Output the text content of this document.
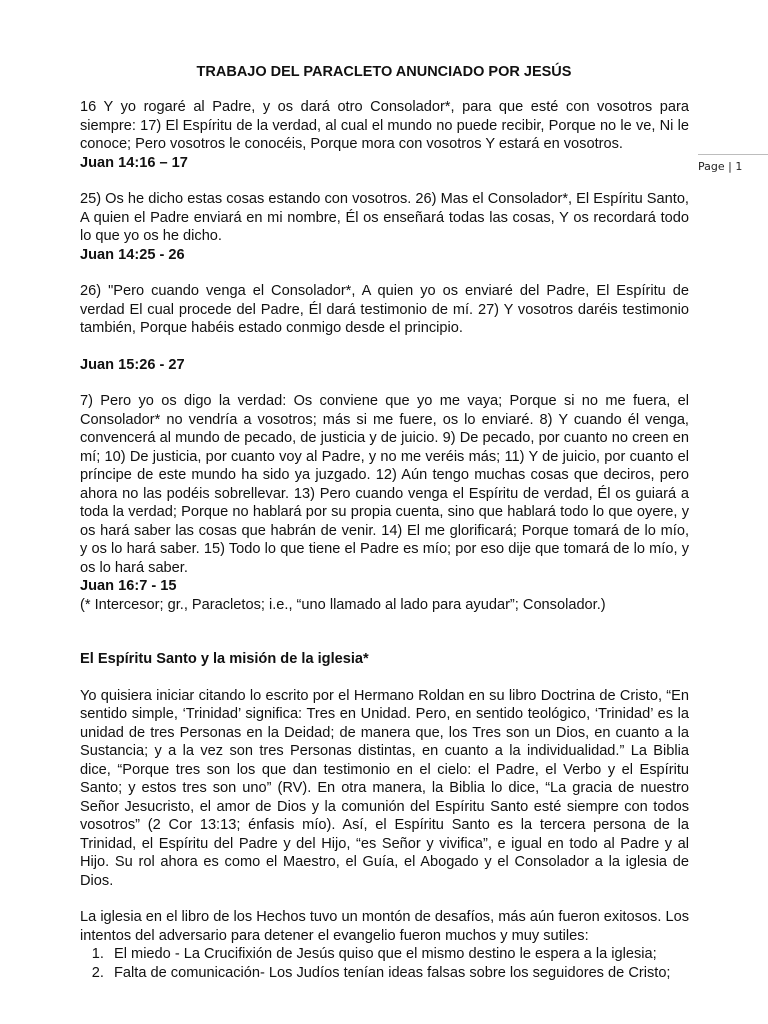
TRABAJO DEL PARACLETO ANUNCIADO POR JESÚS
Page | 1

16 Y yo rogaré al Padre, y os dará otro Consolador*, para que esté con vosotros para siempre: 17) El Espíritu de la verdad, al cual el mundo no puede recibir, Porque no le ve, Ni le conoce; Pero vosotros le conocéis, Porque mora con vosotros Y estará en vosotros.

Juan 14:16 – 17

25) Os he dicho estas cosas estando con vosotros. 26) Mas el Consolador*, El Espíritu Santo, A quien el Padre enviará en mi nombre, Él os enseñará todas las cosas, Y os recordará todo lo que yo os he dicho.

Juan 14:25 - 26

26) "Pero cuando venga el Consolador*, A quien yo os enviaré del Padre, El Espíritu de verdad El cual procede del Padre, Él dará testimonio de mí. 27) Y vosotros daréis testimonio también, Porque habéis estado conmigo desde el principio.

Juan 15:26 - 27

7) Pero yo os digo la verdad: Os conviene que yo me vaya; Porque si no me fuera, el Consolador* no vendría a vosotros; más si me fuere, os lo enviaré. 8) Y cuando él venga, convencerá al mundo de pecado, de justicia y de juicio. 9) De pecado, por cuanto no creen en mí; 10) De justicia, por cuanto voy al Padre, y no me veréis más; 11) Y de juicio, por cuanto el príncipe de este mundo ha sido ya juzgado. 12) Aún tengo muchas cosas que deciros, pero ahora no las podéis sobrellevar. 13) Pero cuando venga el Espíritu de verdad, Él os guiará a toda la verdad; Porque no hablará por su propia cuenta, sino que hablará todo lo que oyere, y os hará saber las cosas que habrán de venir. 14) El me glorificará; Porque tomará de lo mío, y os lo hará saber. 15) Todo lo que tiene el Padre es mío; por eso dije que tomará de lo mío, y os lo hará saber.

Juan 16:7 - 15

(* Intercesor; gr., Paracletos; i.e., “uno llamado al lado para ayudar”; Consolador.)

El Espíritu Santo y la misión de la iglesia*

Yo quisiera iniciar citando lo escrito por el Hermano Roldan en su libro Doctrina de Cristo, “En sentido simple, ‘Trinidad’ significa: Tres en Unidad. Pero, en sentido teológico, ‘Trinidad’ es la unidad de tres Personas en la Deidad; de manera que, los Tres son un Dios, en cuanto a la Sustancia; y a la vez son tres Personas distintas, en cuanto a la individualidad.” La Biblia dice, “Porque tres son los que dan testimonio en el cielo: el Padre, el Verbo y el Espíritu Santo; y estos tres son uno” (RV). En otra manera, la Biblia lo dice, “La gracia de nuestro Señor Jesucristo, el amor de Dios y la comunión del Espíritu Santo esté siempre con todos vosotros” (2 Cor 13:13; énfasis mío). Así, el Espíritu Santo es la tercera persona de la Trinidad, el Espíritu del Padre y del Hijo, “es Señor y vivifica”, e igual en todo al Padre y al Hijo. Su rol ahora es como el Maestro, el Guía, el Abogado y el Consolador a la iglesia de Dios.

La iglesia en el libro de los Hechos tuvo un montón de desafíos, más aún fueron exitosos. Los intentos del adversario para detener el evangelio fueron muchos y muy sutiles:

1. El miedo - La Crucifixión de Jesús quiso que el mismo destino le espera a la iglesia;
2. Falta de comunicación- Los Judíos tenían ideas falsas sobre los seguidores de Cristo;
